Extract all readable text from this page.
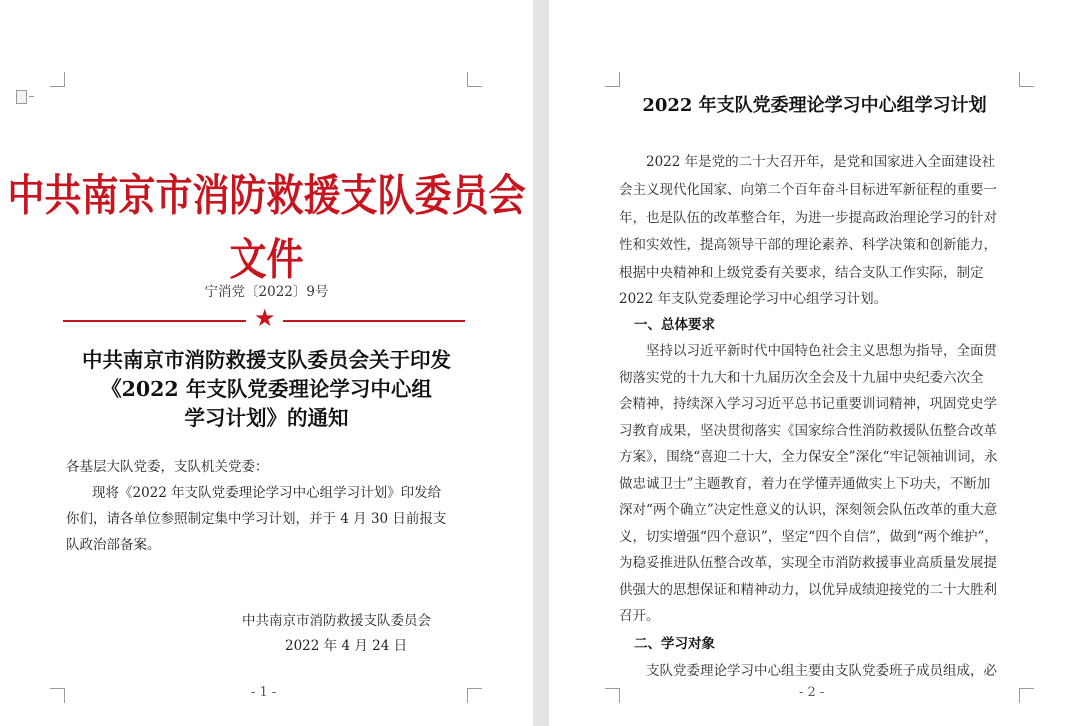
中共南京市消防救援支队委员会文件
宁消党〔2022〕9号
★
中共南京市消防救援支队委员会关于印发
《2022 年支队党委理论学习中心组
学习计划》的通知
各基层大队党委，支队机关党委：
现将《2022 年支队党委理论学习中心组学习计划》印发给
你们，请各单位参照制定集中学习计划，并于 4 月 30 日前报支
队政治部备案。
中共南京市消防救援支队委员会
2022 年 4 月 24 日
- 1 -
2022 年支队党委理论学习中心组学习计划
　　2022 年是党的二十大召开年，是党和国家进入全面建设社
会主义现代化国家、向第二个百年奋斗目标进军新征程的重要一
年，也是队伍的改革整合年，为进一步提高政治理论学习的针对
性和实效性，提高领导干部的理论素养、科学决策和创新能力，
根据中央精神和上级党委有关要求，结合支队工作实际，制定
2022 年支队党委理论学习中心组学习计划。
一、总体要求
　　坚持以习近平新时代中国特色社会主义思想为指导，全面贯
彻落实党的十九大和十九届历次全会及十九届中央纪委六次全
会精神，持续深入学习习近平总书记重要训词精神，巩固党史学
习教育成果，坚决贯彻落实《国家综合性消防救援队伍整合改革
方案》，围绕“喜迎二十大，全力保安全”深化“牢记领袖训词，永
做忠诚卫士”主题教育，着力在学懂弄通做实上下功夫，不断加
深对“两个确立”决定性意义的认识，深刻领会队伍改革的重大意
义，切实增强“四个意识”，坚定“四个自信”，做到“两个维护”，
为稳妥推进队伍整合改革，实现全市消防救援事业高质量发展提
供强大的思想保证和精神动力，以优异成绩迎接党的二十大胜利
召开。
二、学习对象
　　支队党委理论学习中心组主要由支队党委班子成员组成，必
- 2 -
